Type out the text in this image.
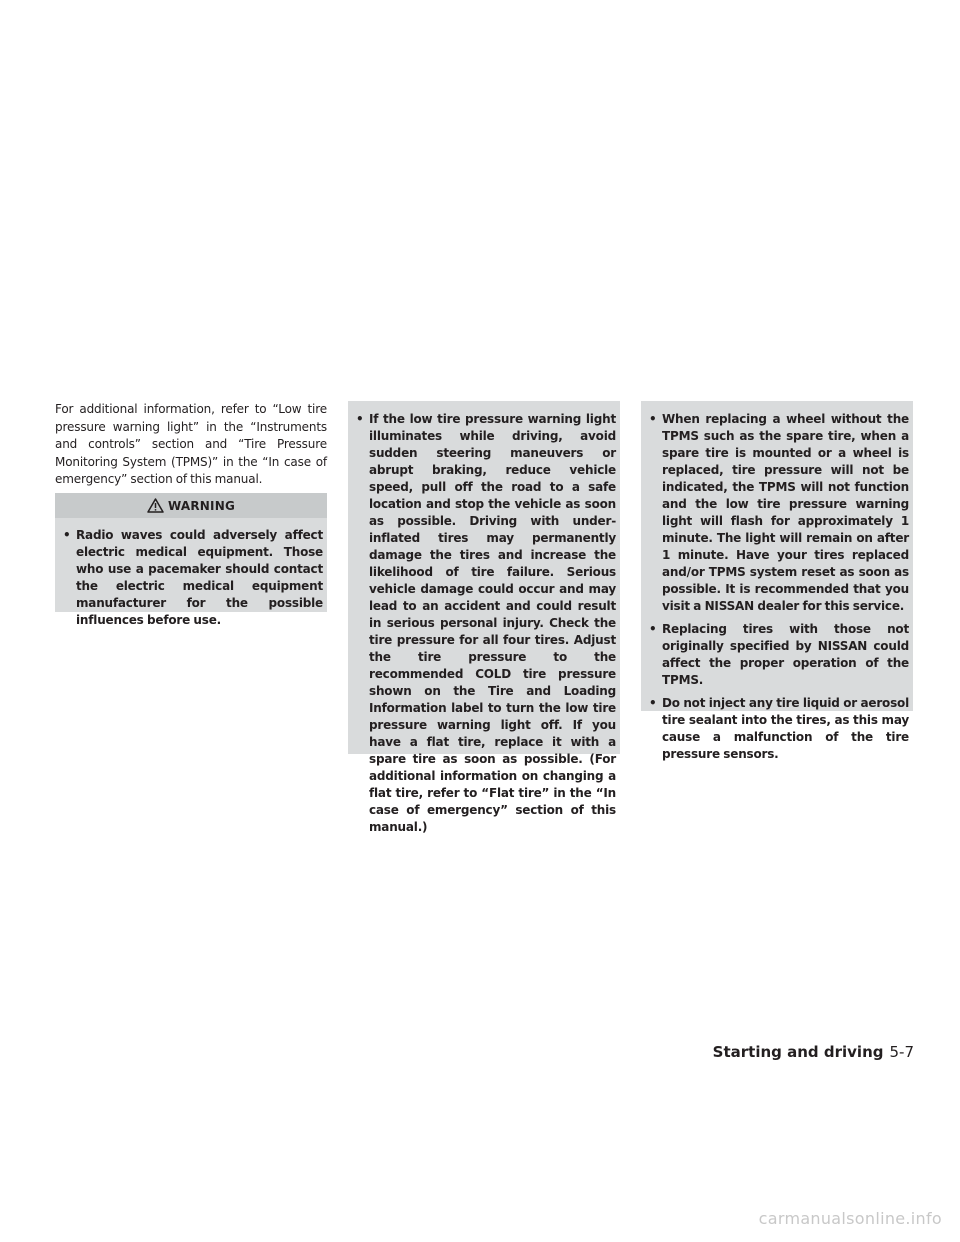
For additional information, refer to “Low tire pressure warning light” in the “Instruments and controls” section and “Tire Pressure Monitoring System (TPMS)” in the “In case of emergency” section of this manual.
WARNING
• Radio waves could adversely affect electric medical equipment. Those who use a pacemaker should contact the electric medical equipment manufacturer for the possible influences before use.
• If the low tire pressure warning light illuminates while driving, avoid sudden steering maneuvers or abrupt braking, reduce vehicle speed, pull off the road to a safe location and stop the vehicle as soon as possible. Driving with under-inflated tires may permanently damage the tires and increase the likelihood of tire failure. Serious vehicle damage could occur and may lead to an accident and could result in serious personal injury. Check the tire pressure for all four tires. Adjust the tire pressure to the recommended COLD tire pressure shown on the Tire and Loading Information label to turn the low tire pressure warning light off. If you have a flat tire, replace it with a spare tire as soon as possible. (For additional information on changing a flat tire, refer to “Flat tire” in the “In case of emergency” section of this manual.)
• When replacing a wheel without the TPMS such as the spare tire, when a spare tire is mounted or a wheel is replaced, tire pressure will not be indicated, the TPMS will not function and the low tire pressure warning light will flash for approximately 1 minute. The light will remain on after 1 minute. Have your tires replaced and/or TPMS system reset as soon as possible. It is recommended that you visit a NISSAN dealer for this service.
• Replacing tires with those not originally specified by NISSAN could affect the proper operation of the TPMS.
• Do not inject any tire liquid or aerosol tire sealant into the tires, as this may cause a malfunction of the tire pressure sensors.
Starting and driving 5-7
carmanualsonline.info
